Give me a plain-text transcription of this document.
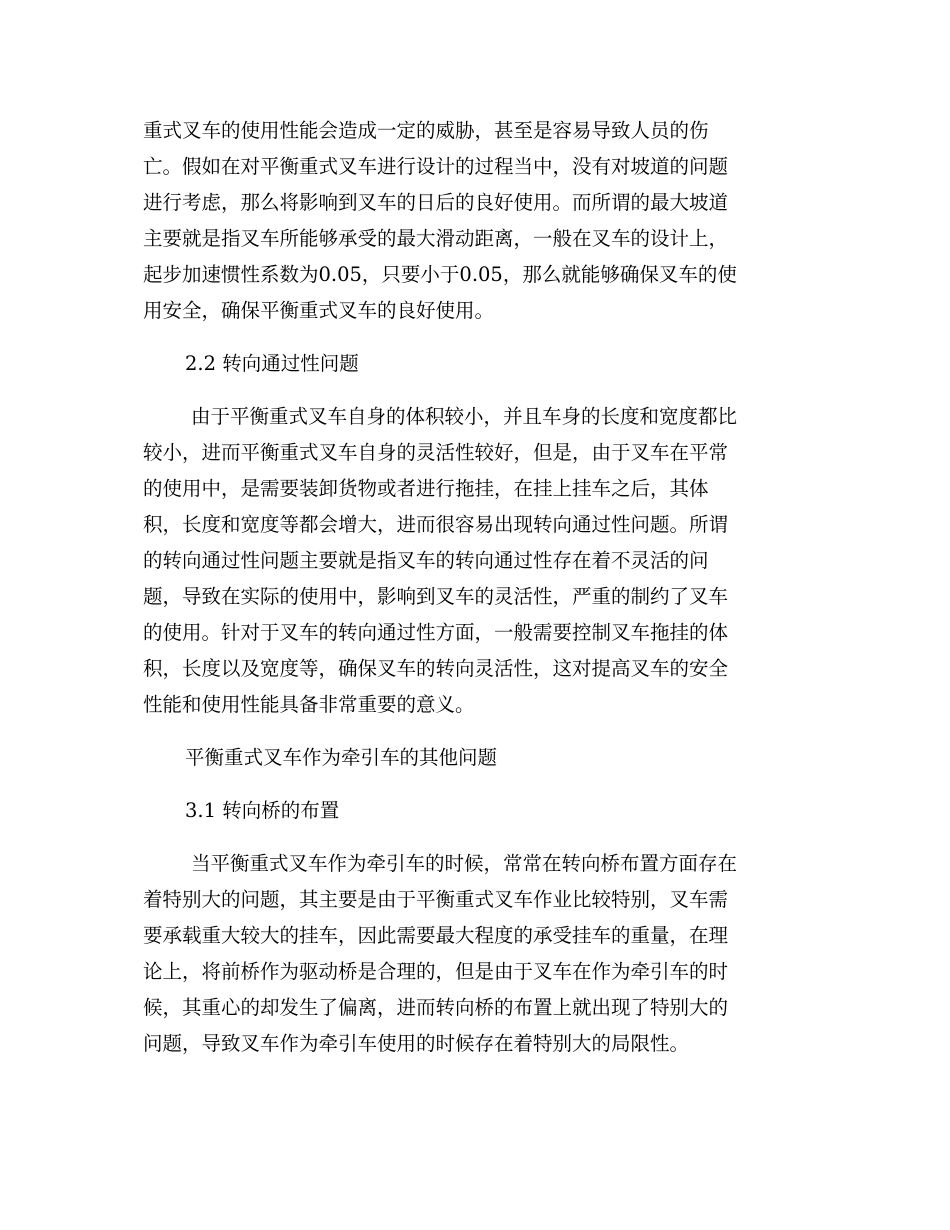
重式叉车的使用性能会造成一定的威胁，甚至是容易导致人员的伤
亡。假如在对平衡重式叉车进行设计的过程当中，没有对坡道的问题
进行考虑，那么将影响到叉车的日后的良好使用。而所谓的最大坡道
主要就是指叉车所能够承受的最大滑动距离，一般在叉车的设计上，
起步加速惯性系数为0.05，只要小于0.05，那么就能够确保叉车的使
用安全，确保平衡重式叉车的良好使用。

2.2 转向通过性问题

由于平衡重式叉车自身的体积较小，并且车身的长度和宽度都比
较小，进而平衡重式叉车自身的灵活性较好，但是，由于叉车在平常
的使用中，是需要装卸货物或者进行拖挂，在挂上挂车之后，其体
积，长度和宽度等都会增大，进而很容易出现转向通过性问题。所谓
的转向通过性问题主要就是指叉车的转向通过性存在着不灵活的问
题，导致在实际的使用中，影响到叉车的灵活性，严重的制约了叉车
的使用。针对于叉车的转向通过性方面，一般需要控制叉车拖挂的体
积，长度以及宽度等，确保叉车的转向灵活性，这对提高叉车的安全
性能和使用性能具备非常重要的意义。

平衡重式叉车作为牵引车的其他问题

3.1 转向桥的布置

当平衡重式叉车作为牵引车的时候，常常在转向桥布置方面存在
着特别大的问题，其主要是由于平衡重式叉车作业比较特别，叉车需
要承载重大较大的挂车，因此需要最大程度的承受挂车的重量，在理
论上，将前桥作为驱动桥是合理的，但是由于叉车在作为牵引车的时
候，其重心的却发生了偏离，进而转向桥的布置上就出现了特别大的
问题，导致叉车作为牵引车使用的时候存在着特别大的局限性。
